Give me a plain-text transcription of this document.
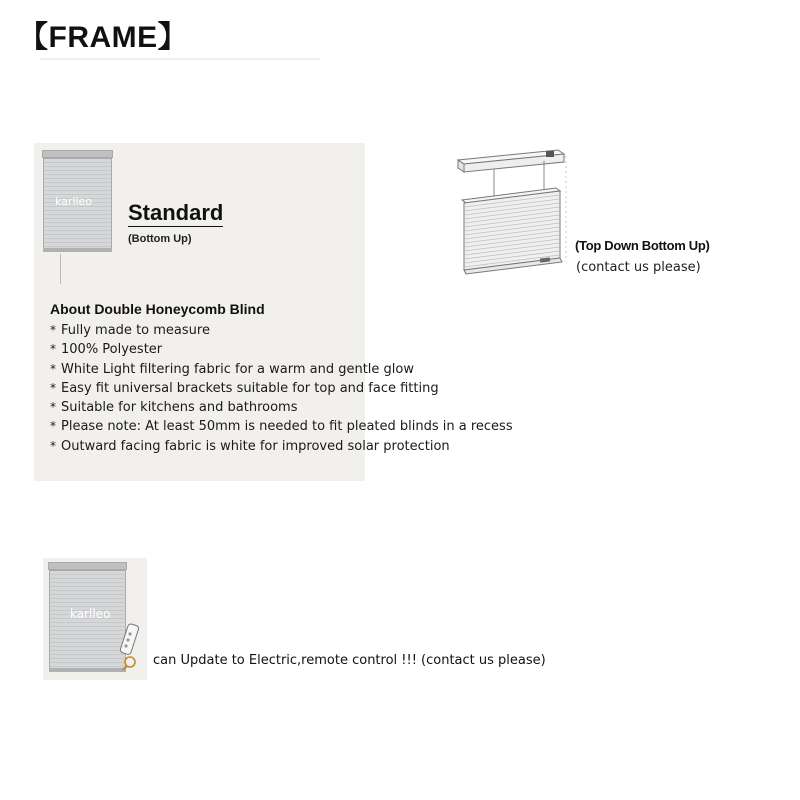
【FRAME】
karlleo Standard
(Bottom Up)
About Double Honeycomb Blind
* Fully made to measure
* 100% Polyester
* White Light filtering fabric for a warm and gentle glow
* Easy fit universal brackets suitable for top and face fitting
* Suitable for kitchens and bathrooms
* Please note: At least 50mm is needed to fit pleated blinds in a recess
* Outward facing fabric is white for improved solar protection
(Top Down Bottom Up)
(contact us please)
karlleo
can Update to Electric,remote control !!! (contact us please)
